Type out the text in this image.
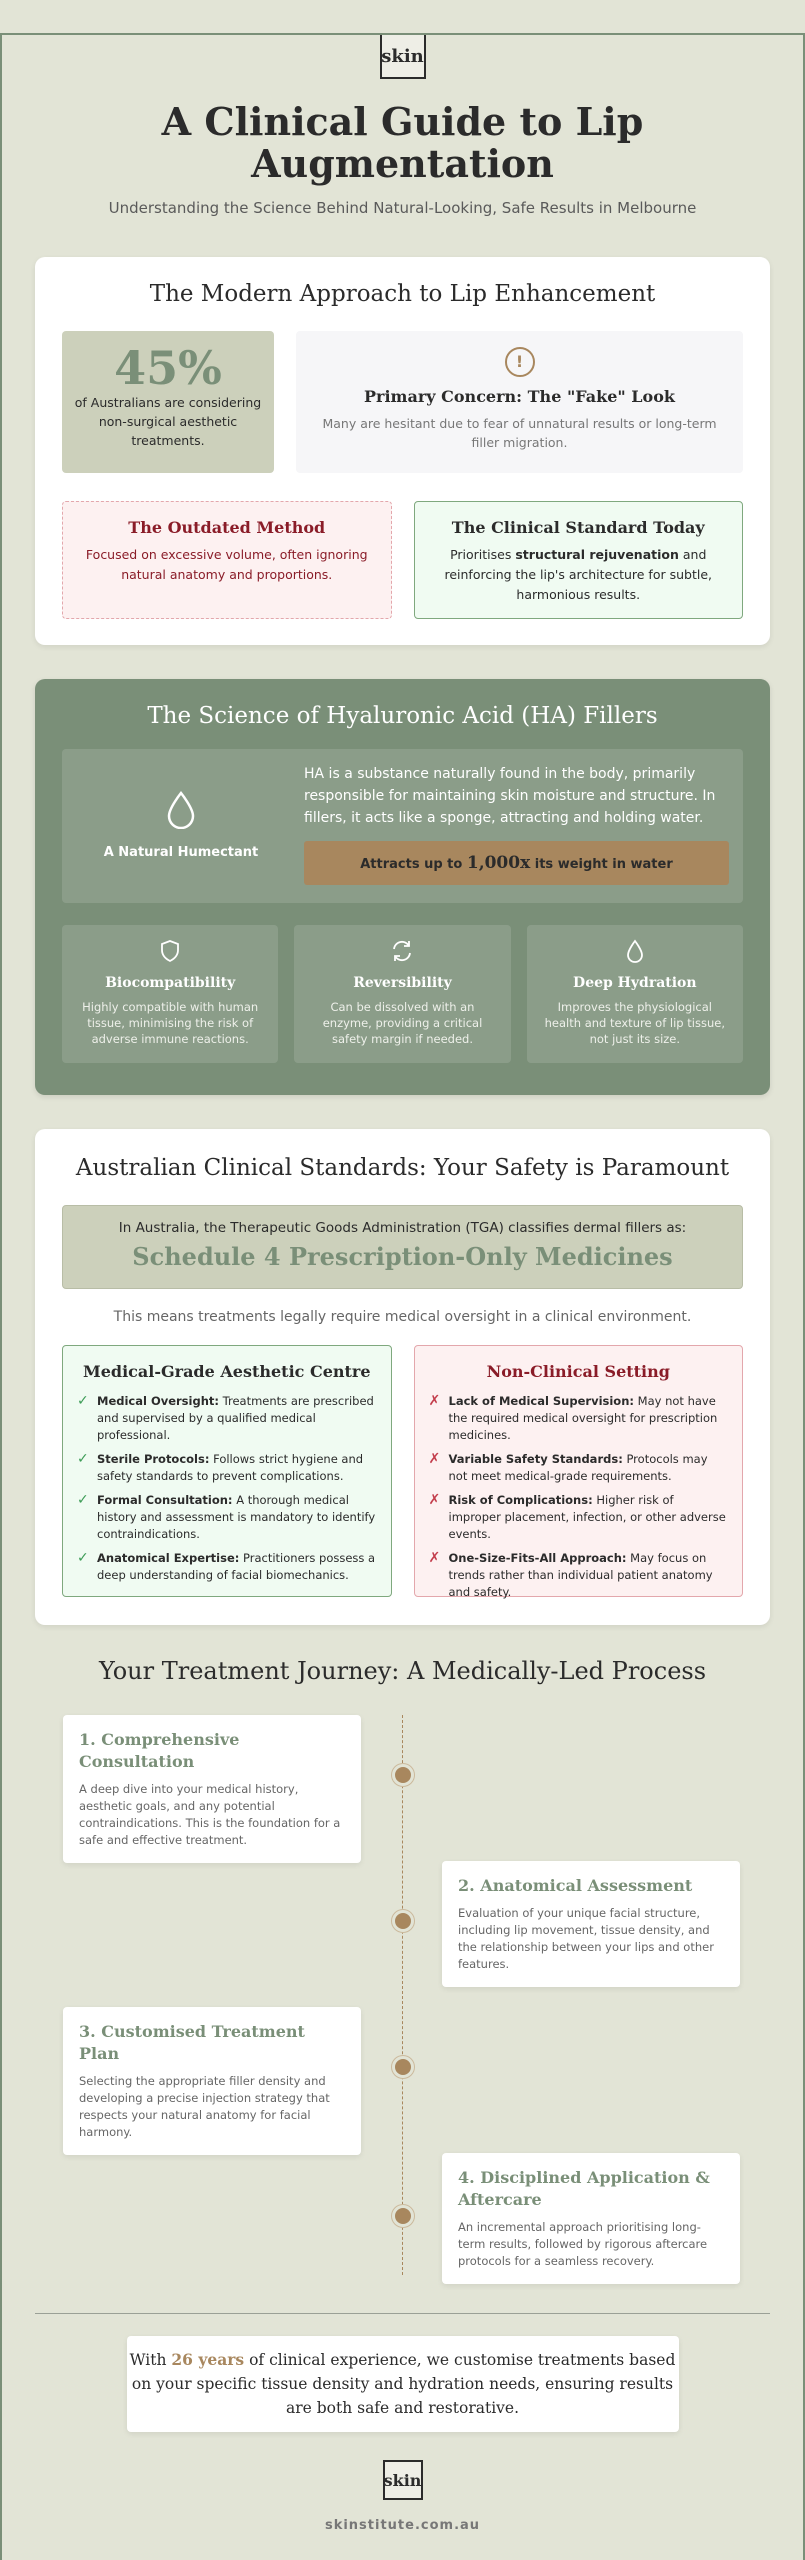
skin
A Clinical Guide to Lip Augmentation
Understanding the Science Behind Natural-Looking, Safe Results in Melbourne
The Modern Approach to Lip Enhancement
45%
of Australians are considering non-surgical aesthetic treatments.
!
Primary Concern: The "Fake" Look

Many are hesitant due to fear of unnatural results or long-term filler migration.

The Outdated Method

Focused on excessive volume, often ignoring natural anatomy and proportions.

The Clinical Standard Today

Prioritises structural rejuvenation and reinforcing the lip's architecture for subtle, harmonious results.

The Science of Hyaluronic Acid (HA) Fillers
A Natural Humectant

HA is a substance naturally found in the body, primarily responsible for maintaining skin moisture and structure. In fillers, it acts like a sponge, attracting and holding water.

Attracts up to 1,000x its weight in water
Biocompatibility

Highly compatible with human tissue, minimising the risk of adverse immune reactions.

Reversibility

Can be dissolved with an enzyme, providing a critical safety margin if needed.

Deep Hydration

Improves the physiological health and texture of lip tissue, not just its size.

Australian Clinical Standards: Your Safety is Paramount
In Australia, the Therapeutic Goods Administration (TGA) classifies dermal fillers as:
Schedule 4 Prescription-Only Medicines
This means treatments legally require medical oversight in a clinical environment.
Medical-Grade Aesthetic Centre
✓ Medical Oversight: Treatments are prescribed and supervised by a qualified medical professional.
✓ Sterile Protocols: Follows strict hygiene and safety standards to prevent complications.
✓ Formal Consultation: A thorough medical history and assessment is mandatory to identify contraindications.
✓ Anatomical Expertise: Practitioners possess a deep understanding of facial biomechanics.
Non-Clinical Setting
✗ Lack of Medical Supervision: May not have the required medical oversight for prescription medicines.
✗ Variable Safety Standards: Protocols may not meet medical-grade requirements.
✗ Risk of Complications: Higher risk of improper placement, infection, or other adverse events.
✗ One-Size-Fits-All Approach: May focus on trends rather than individual patient anatomy and safety.
Your Treatment Journey: A Medically-Led Process
1. Comprehensive Consultation

A deep dive into your medical history, aesthetic goals, and any potential contraindications. This is the foundation for a safe and effective treatment.

2. Anatomical Assessment

Evaluation of your unique facial structure, including lip movement, tissue density, and the relationship between your lips and other features.

3. Customised Treatment Plan

Selecting the appropriate filler density and developing a precise injection strategy that respects your natural anatomy for facial harmony.

4. Disciplined Application & Aftercare

An incremental approach prioritising long-term results, followed by rigorous aftercare protocols for a seamless recovery.

With 26 years of clinical experience, we customise treatments based on your specific tissue density and hydration needs, ensuring results are both safe and restorative.
skin
skinstitute.com.au
